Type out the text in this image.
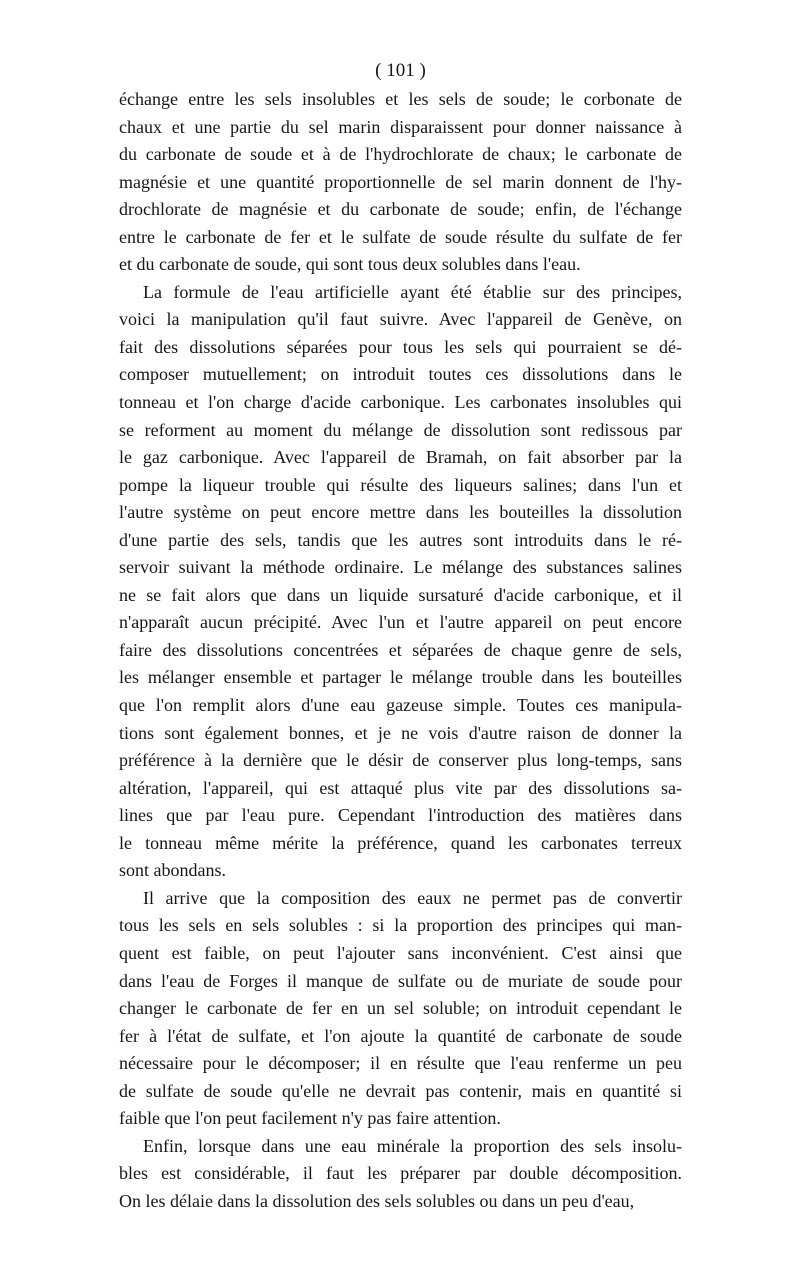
( 101 )
échange entre les sels insolubles et les sels de soude; le corbonate de
chaux et une partie du sel marin disparaissent pour donner naissance à
du carbonate de soude et à de l'hydrochlorate de chaux; le carbonate de
magnésie et une quantité proportionnelle de sel marin donnent de l'hy-
drochlorate de magnésie et du carbonate de soude; enfin, de l'échange
entre le carbonate de fer et le sulfate de soude résulte du sulfate de fer
et du carbonate de soude, qui sont tous deux solubles dans l'eau.
La formule de l'eau artificielle ayant été établie sur des principes,
voici la manipulation qu'il faut suivre. Avec l'appareil de Genève, on
fait des dissolutions séparées pour tous les sels qui pourraient se dé-
composer mutuellement; on introduit toutes ces dissolutions dans le
tonneau et l'on charge d'acide carbonique. Les carbonates insolubles qui
se reforment au moment du mélange de dissolution sont redissous par
le gaz carbonique. Avec l'appareil de Bramah, on fait absorber par la
pompe la liqueur trouble qui résulte des liqueurs salines; dans l'un et
l'autre système on peut encore mettre dans les bouteilles la dissolution
d'une partie des sels, tandis que les autres sont introduits dans le ré-
servoir suivant la méthode ordinaire. Le mélange des substances salines
ne se fait alors que dans un liquide sursaturé d'acide carbonique, et il
n'apparaît aucun précipité. Avec l'un et l'autre appareil on peut encore
faire des dissolutions concentrées et séparées de chaque genre de sels,
les mélanger ensemble et partager le mélange trouble dans les bouteilles
que l'on remplit alors d'une eau gazeuse simple. Toutes ces manipula-
tions sont également bonnes, et je ne vois d'autre raison de donner la
préférence à la dernière que le désir de conserver plus long-temps, sans
altération, l'appareil, qui est attaqué plus vite par des dissolutions sa-
lines que par l'eau pure. Cependant l'introduction des matières dans
le tonneau même mérite la préférence, quand les carbonates terreux
sont abondans.
Il arrive que la composition des eaux ne permet pas de convertir
tous les sels en sels solubles : si la proportion des principes qui man-
quent est faible, on peut l'ajouter sans inconvénient. C'est ainsi que
dans l'eau de Forges il manque de sulfate ou de muriate de soude pour
changer le carbonate de fer en un sel soluble; on introduit cependant le
fer à l'état de sulfate, et l'on ajoute la quantité de carbonate de soude
nécessaire pour le décomposer; il en résulte que l'eau renferme un peu
de sulfate de soude qu'elle ne devrait pas contenir, mais en quantité si
faible que l'on peut facilement n'y pas faire attention.
Enfin, lorsque dans une eau minérale la proportion des sels insolu-
bles est considérable, il faut les préparer par double décomposition.
On les délaie dans la dissolution des sels solubles ou dans un peu d'eau,
